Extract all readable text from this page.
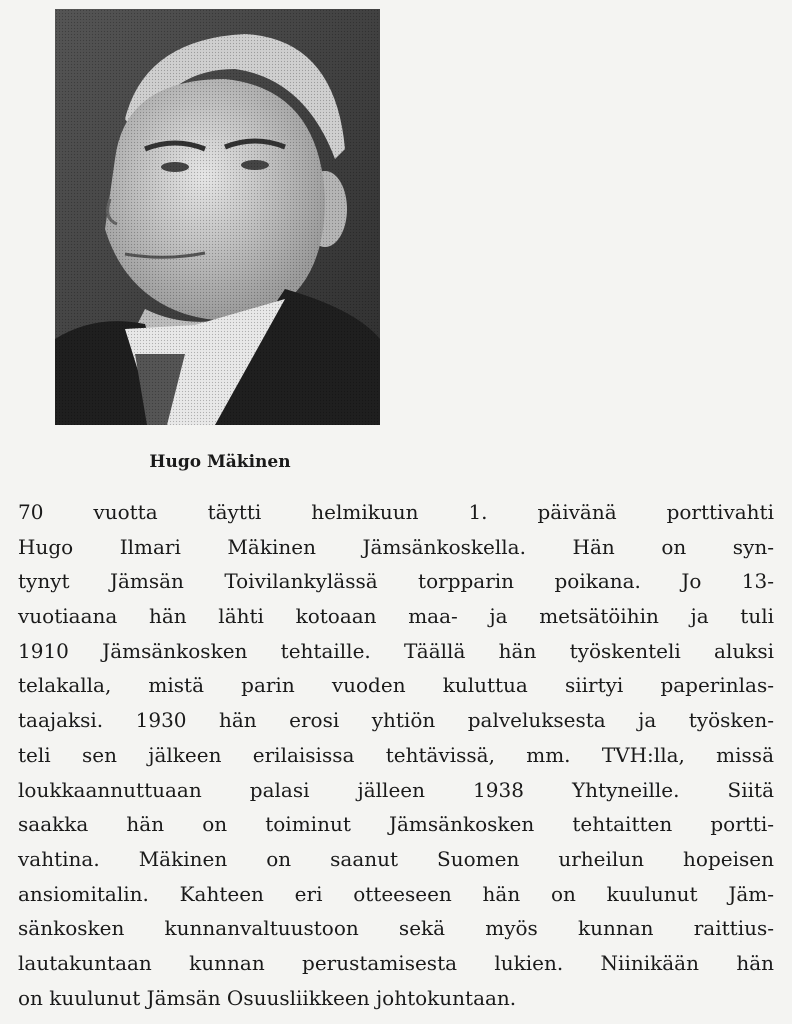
Hugo Mäkinen
70 vuotta täytti helmikuun 1. päivänä porttivahti
Hugo Ilmari Mäkinen Jämsänkoskella. Hän on syn-
tynyt Jämsän Toivilankylässä torpparin poikana. Jo 13-
vuotiaana hän lähti kotoaan maa- ja metsätöihin ja tuli
1910 Jämsänkosken tehtaille. Täällä hän työskenteli aluksi
telakalla, mistä parin vuoden kuluttua siirtyi paperinlas-
taajaksi. 1930 hän erosi yhtiön palveluksesta ja työsken-
teli sen jälkeen erilaisissa tehtävissä, mm. TVH:lla, missä
loukkaannuttuaan palasi jälleen 1938 Yhtyneille. Siitä
saakka hän on toiminut Jämsänkosken tehtaitten portti-
vahtina. Mäkinen on saanut Suomen urheilun hopeisen
ansiomitalin. Kahteen eri otteeseen hän on kuulunut Jäm-
sänkosken kunnanvaltuustoon sekä myös kunnan raittius-
lautakuntaan kunnan perustamisesta lukien. Niinikään hän
on kuulunut Jämsän Osuusliikkeen johtokuntaan.
